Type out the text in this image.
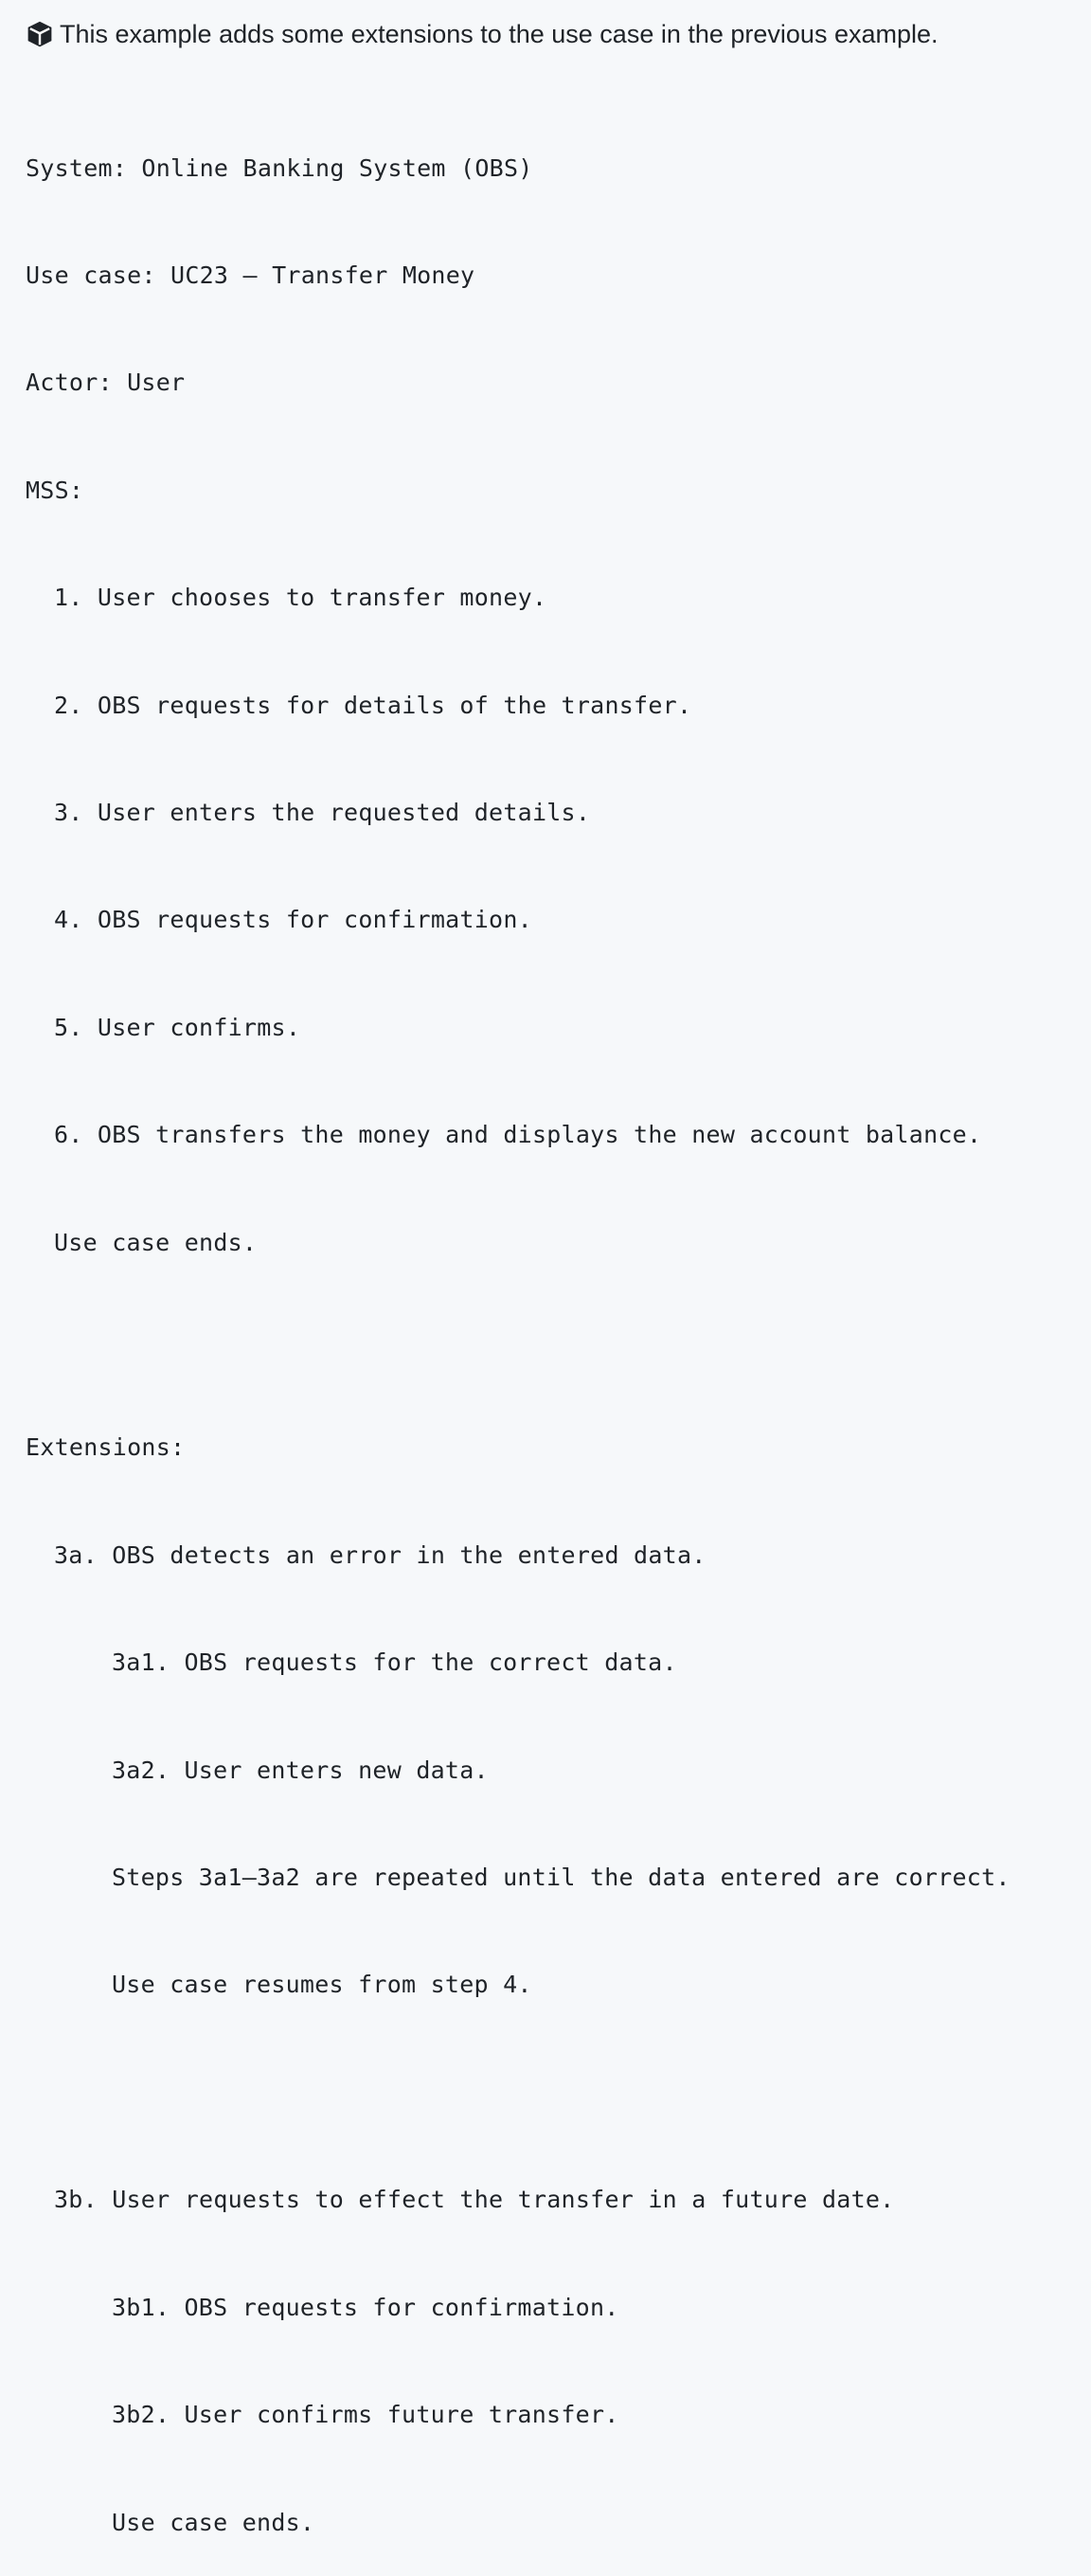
This example adds some extensions to the use case in the previous example.

System: Online Banking System (OBS)

Use case: UC23 – Transfer Money

Actor: User

MSS:

1. User chooses to transfer money.

2. OBS requests for details of the transfer.

3. User enters the requested details.

4. OBS requests for confirmation.

5. User confirms.

6. OBS transfers the money and displays the new account balance.

Use case ends.

Extensions:

3a. OBS detects an error in the entered data.

3a1. OBS requests for the correct data.

3a2. User enters new data.

Steps 3a1–3a2 are repeated until the data entered are correct.

Use case resumes from step 4.

3b. User requests to effect the transfer in a future date.

3b1. OBS requests for confirmation.

3b2. User confirms future transfer.

Use case ends.
